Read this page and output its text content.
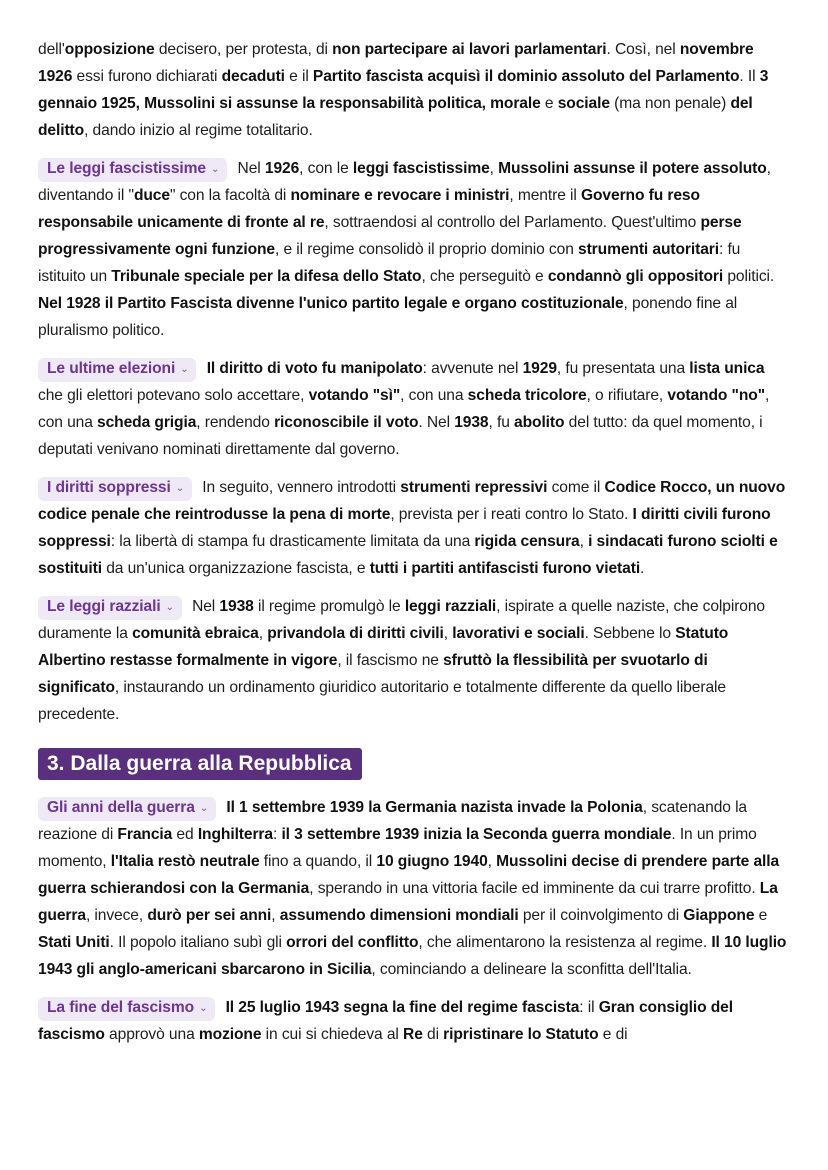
dell'opposizione decisero, per protesta, di non partecipare ai lavori parlamentari. Così, nel novembre 1926 essi furono dichiarati decaduti e il Partito fascista acquisì il dominio assoluto del Parlamento. Il 3 gennaio 1925, Mussolini si assunse la responsabilità politica, morale e sociale (ma non penale) del delitto, dando inizio al regime totalitario.

Le leggi fascistissime ⌄ Nel 1926, con le leggi fascistissime, Mussolini assunse il potere assoluto, diventando il "duce" con la facoltà di nominare e revocare i ministri, mentre il Governo fu reso responsabile unicamente di fronte al re, sottraendosi al controllo del Parlamento. Quest'ultimo perse progressivamente ogni funzione, e il regime consolidò il proprio dominio con strumenti autoritari: fu istituito un Tribunale speciale per la difesa dello Stato, che perseguitò e condannò gli oppositori politici. Nel 1928 il Partito Fascista divenne l'unico partito legale e organo costituzionale, ponendo fine al pluralismo politico.

Le ultime elezioni ⌄ Il diritto di voto fu manipolato: avvenute nel 1929, fu presentata una lista unica che gli elettori potevano solo accettare, votando "sì", con una scheda tricolore, o rifiutare, votando "no", con una scheda grigia, rendendo riconoscibile il voto. Nel 1938, fu abolito del tutto: da quel momento, i deputati venivano nominati direttamente dal governo.

I diritti soppressi ⌄ In seguito, vennero introdotti strumenti repressivi come il Codice Rocco, un nuovo codice penale che reintrodusse la pena di morte, prevista per i reati contro lo Stato. I diritti civili furono soppressi: la libertà di stampa fu drasticamente limitata da una rigida censura, i sindacati furono sciolti e sostituiti da un'unica organizzazione fascista, e tutti i partiti antifascisti furono vietati.

Le leggi razziali ⌄ Nel 1938 il regime promulgò le leggi razziali, ispirate a quelle naziste, che colpirono duramente la comunità ebraica, privandola di diritti civili, lavorativi e sociali. Sebbene lo Statuto Albertino restasse formalmente in vigore, il fascismo ne sfruttò la flessibilità per svuotarlo di significato, instaurando un ordinamento giuridico autoritario e totalmente differente da quello liberale precedente.

3. Dalla guerra alla Repubblica

Gli anni della guerra ⌄ Il 1 settembre 1939 la Germania nazista invade la Polonia, scatenando la reazione di Francia ed Inghilterra: il 3 settembre 1939 inizia la Seconda guerra mondiale. In un primo momento, l'Italia restò neutrale fino a quando, il 10 giugno 1940, Mussolini decise di prendere parte alla guerra schierandosi con la Germania, sperando in una vittoria facile ed imminente da cui trarre profitto. La guerra, invece, durò per sei anni, assumendo dimensioni mondiali per il coinvolgimento di Giappone e Stati Uniti. Il popolo italiano subì gli orrori del conflitto, che alimentarono la resistenza al regime. Il 10 luglio 1943 gli anglo-americani sbarcarono in Sicilia, cominciando a delineare la sconfitta dell'Italia.

La fine del fascismo ⌄ Il 25 luglio 1943 segna la fine del regime fascista: il Gran consiglio del fascismo approvò una mozione in cui si chiedeva al Re di ripristinare lo Statuto e di
